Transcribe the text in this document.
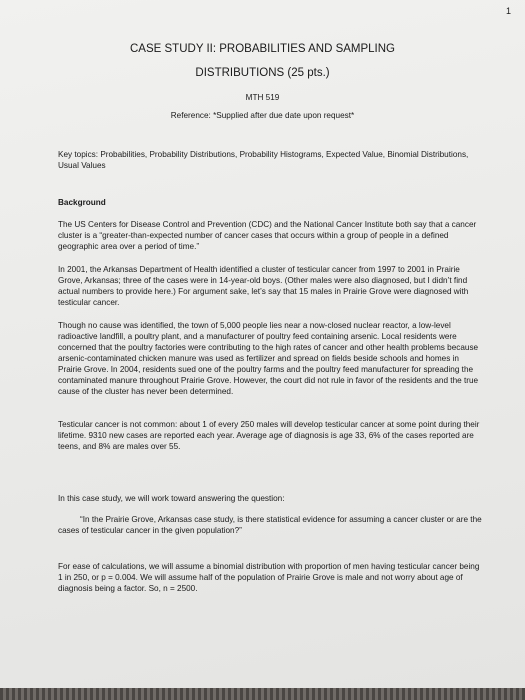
1
CASE STUDY II: PROBABILITIES AND SAMPLING
DISTRIBUTIONS (25 pts.)
MTH 519
Reference: *Supplied after due date upon request*
Key topics: Probabilities, Probability Distributions, Probability Histograms, Expected Value, Binomial Distributions, Usual Values
Background
The US Centers for Disease Control and Prevention (CDC) and the National Cancer Institute both say that a cancer cluster is a “greater-than-expected number of cancer cases that occurs within a group of people in a defined geographic area over a period of time.”
In 2001, the Arkansas Department of Health identified a cluster of testicular cancer from 1997 to 2001 in Prairie Grove, Arkansas; three of the cases were in 14-year-old boys. (Other males were also diagnosed, but I didn’t find actual numbers to provide here.) For argument sake, let’s say that 15 males in Prairie Grove were diagnosed with testicular cancer.
Though no cause was identified, the town of 5,000 people lies near a now-closed nuclear reactor, a low-level radioactive landfill, a poultry plant, and a manufacturer of poultry feed containing arsenic. Local residents were concerned that the poultry factories were contributing to the high rates of cancer and other health problems because arsenic-contaminated chicken manure was used as fertilizer and spread on fields beside schools and homes in Prairie Grove. In 2004, residents sued one of the poultry farms and the poultry feed manufacturer for spreading the contaminated manure throughout Prairie Grove. However, the court did not rule in favor of the residents and the true cause of the cluster has never been determined.
Testicular cancer is not common: about 1 of every 250 males will develop testicular cancer at some point during their lifetime. 9310 new cases are reported each year. Average age of diagnosis is age 33, 6% of the cases reported are teens, and 8% are males over 55.
In this case study, we will work toward answering the question:
“In the Prairie Grove, Arkansas case study, is there statistical evidence for assuming a cancer cluster or are the cases of testicular cancer in the given population?”
For ease of calculations, we will assume a binomial distribution with proportion of men having testicular cancer being 1 in 250, or p = 0.004. We will assume half of the population of Prairie Grove is male and not worry about age of diagnosis being a factor. So, n = 2500.
